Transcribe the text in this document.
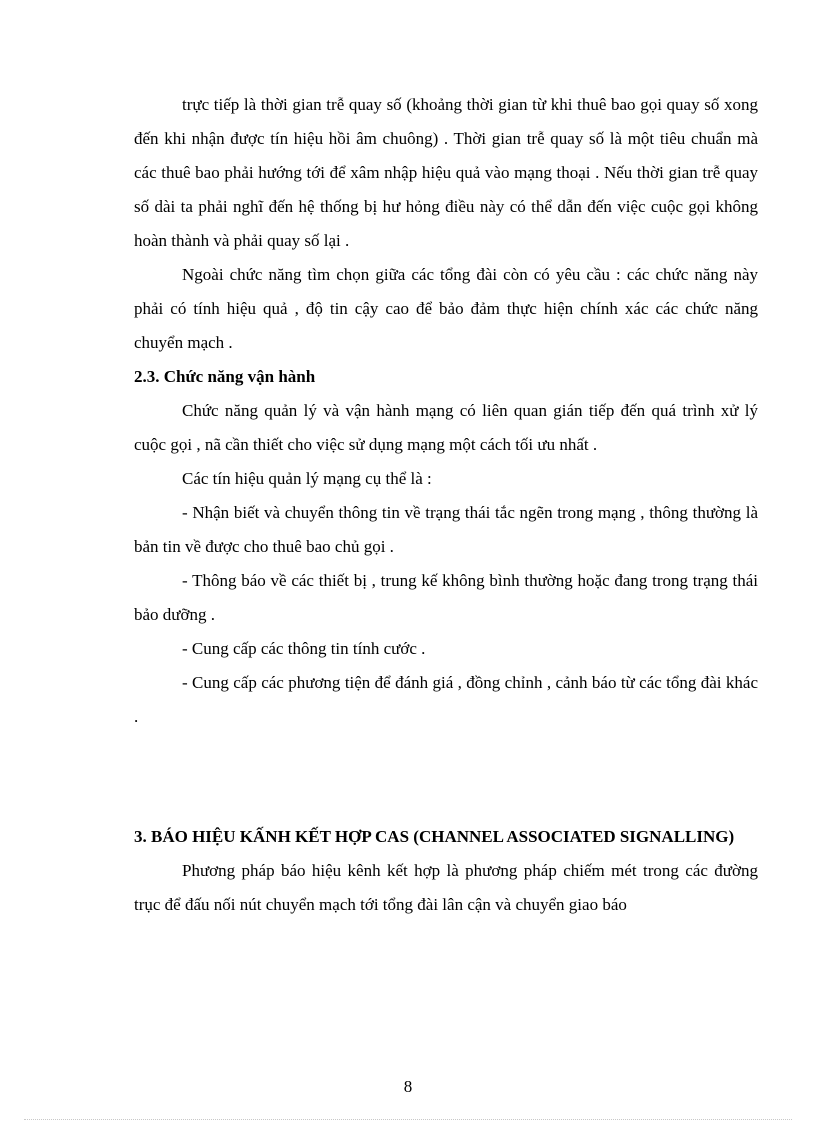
trực tiếp là thời gian trễ quay số (khoảng thời gian từ khi thuê bao gọi quay số xong đến khi nhận được tín hiệu hồi âm chuông) . Thời gian trễ quay số là một tiêu chuẩn mà các thuê bao phải hướng tới để xâm nhập hiệu quả vào mạng thoại . Nếu thời gian trễ quay số dài ta phải nghĩ đến hệ thống bị hư hỏng điều này có thể dẫn đến việc cuộc gọi không hoàn thành và phải quay số lại .

Ngoài chức năng tìm chọn giữa các tổng đài còn có yêu cầu : các chức năng này phải có tính hiệu quả , độ tin cậy cao để bảo đảm thực hiện chính xác các chức năng chuyển mạch .

2.3. Chức năng vận hành

Chức năng quản lý và vận hành mạng có liên quan gián tiếp đến quá trình xử lý cuộc gọi , nã cần thiết cho việc sử dụng mạng một cách tối ưu nhất .

Các tín hiệu quản lý mạng cụ thể là :

- Nhận biết và chuyển thông tin về trạng thái tắc ngẽn trong mạng , thông thường là bản tin về được cho thuê bao chủ gọi .

- Thông báo về các thiết bị , trung kế không bình thường hoặc đang trong trạng thái bảo dưỡng .

- Cung cấp các thông tin tính cước .

- Cung cấp các phương tiện để đánh giá , đồng chỉnh , cảnh báo từ các tổng đài khác .

3. BÁO HIỆU KẤNH KẾT HỢP CAS (CHANNEL ASSOCIATED SIGNALLING)

Phương pháp báo hiệu kênh kết hợp là phương pháp chiếm mét trong các đường trục để đấu nối nút chuyển mạch tới tổng đài lân cận và chuyển giao báo

8
